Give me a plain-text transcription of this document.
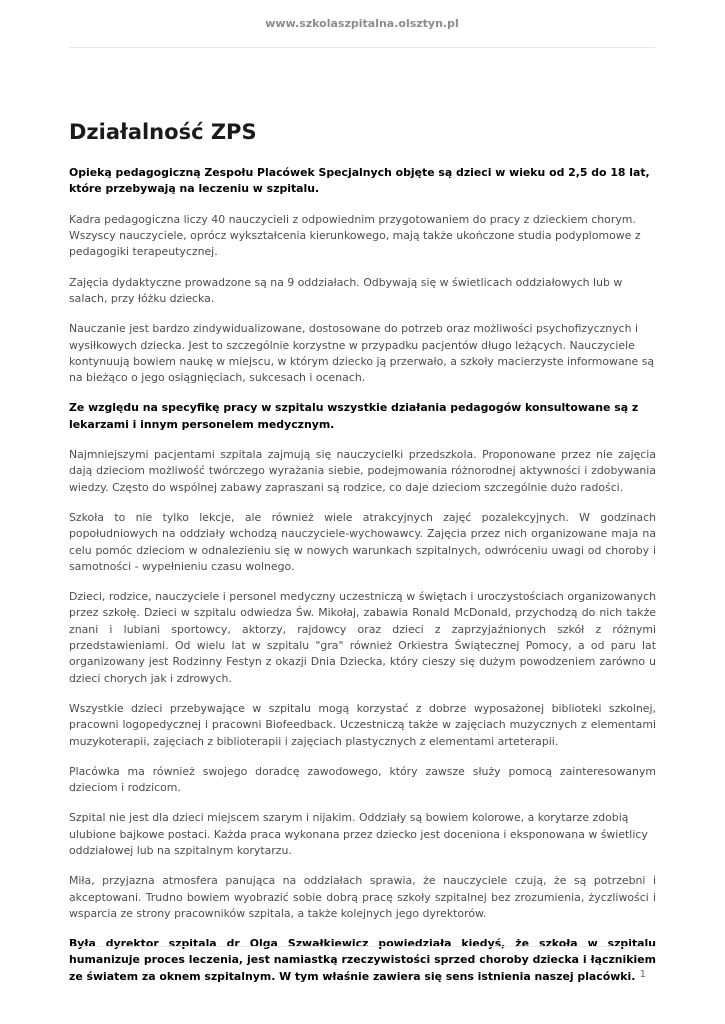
www.szkolaszpitalna.olsztyn.pl
Działalność ZPS

Opieką pedagogiczną Zespołu Placówek Specjalnych objęte są dzieci w wieku od 2,5 do 18 lat, które przebywają na leczeniu w szpitalu.

Kadra pedagogiczna liczy 40 nauczycieli z odpowiednim przygotowaniem do pracy z dzieckiem chorym. Wszyscy nauczyciele, oprócz wykształcenia kierunkowego, mają także ukończone studia podyplomowe z pedagogiki terapeutycznej.

Zajęcia dydaktyczne prowadzone są na 9 oddziałach. Odbywają się w świetlicach oddziałowych lub w salach, przy łóżku dziecka.

Nauczanie jest bardzo zindywidualizowane, dostosowane do potrzeb oraz możliwości psychofizycznych i wysiłkowych dziecka. Jest to szczególnie korzystne w przypadku pacjentów długo leżących. Nauczyciele kontynuują bowiem naukę w miejscu, w którym dziecko ją przerwało, a szkoły macierzyste informowane są na bieżąco o jego osiągnięciach, sukcesach i ocenach.

Ze względu na specyfikę pracy w szpitalu wszystkie działania pedagogów konsultowane są z lekarzami i innym personelem medycznym.

Najmniejszymi pacjentami szpitala zajmują się nauczycielki przedszkola. Proponowane przez nie zajęcia dają dzieciom możliwość twórczego wyrażania siebie, podejmowania różnorodnej aktywności i zdobywania wiedzy. Często do wspólnej zabawy zapraszani są rodzice, co daje dzieciom szczególnie dużo radości.

Szkoła to nie tylko lekcje, ale również wiele atrakcyjnych zajęć pozalekcyjnych. W godzinach popołudniowych na oddziały wchodzą nauczyciele-wychowawcy. Zajęcia przez nich organizowane maja na celu pomóc dzieciom w odnalezieniu się w nowych warunkach szpitalnych, odwróceniu uwagi od choroby i samotności - wypełnieniu czasu wolnego.

Dzieci, rodzice, nauczyciele i personel medyczny uczestniczą w świętach i uroczystościach organizowanych przez szkołę. Dzieci w szpitalu odwiedza Św. Mikołaj, zabawia Ronald McDonald, przychodzą do nich także znani i lubiani sportowcy, aktorzy, rajdowcy oraz dzieci z zaprzyjaźnionych szkół z różnymi przedstawieniami. Od wielu lat w szpitalu "gra" również Orkiestra Świątecznej Pomocy, a od paru lat organizowany jest Rodzinny Festyn z okazji Dnia Dziecka, który cieszy się dużym powodzeniem zarówno u dzieci chorych jak i zdrowych.

Wszystkie dzieci przebywające w szpitalu mogą korzystać z dobrze wyposażonej biblioteki szkolnej, pracowni logopedycznej i pracowni Biofeedback. Uczestniczą także w zajęciach muzycznych z elementami muzykoterapii, zajęciach z biblioterapii i zajęciach plastycznych z elementami arteterapii.

Placówka ma również swojego doradcę zawodowego, który zawsze służy pomocą zainteresowanym dzieciom i rodzicom.

Szpital nie jest dla dzieci miejscem szarym i nijakim. Oddziały są bowiem kolorowe, a korytarze zdobią ulubione bajkowe postaci. Każda praca wykonana przez dziecko jest doceniona i eksponowana w świetlicy oddziałowej lub na szpitalnym korytarzu.

Miła, przyjazna atmosfera panująca na oddziałach sprawia, że nauczyciele czują, że są potrzebni i akceptowani. Trudno bowiem wyobrazić sobie dobrą pracę szkoły szpitalnej bez zrozumienia, życzliwości i wsparcia ze strony pracowników szpitala, a także kolejnych jego dyrektorów.

Była dyrektor szpitala dr Olga Szwałkiewicz powiedziała kiedyś, że szkoła w szpitalu humanizuje proces leczenia, jest namiastką rzeczywistości sprzed choroby dziecka i łącznikiem ze światem za oknem szpitalnym. W tym właśnie zawiera się sens istnienia naszej placówki. 1
